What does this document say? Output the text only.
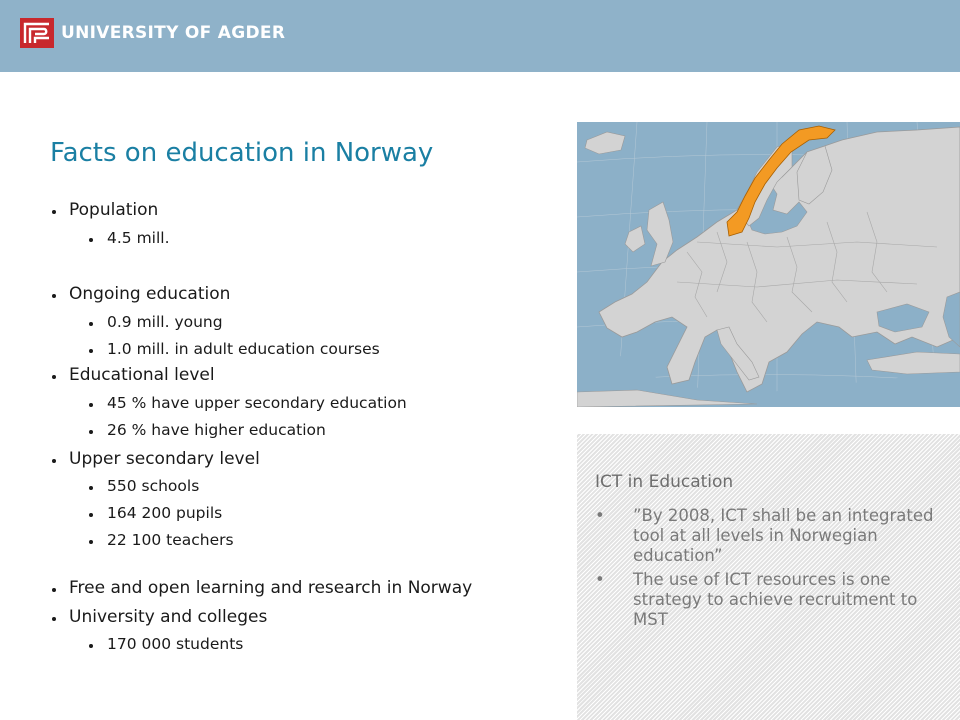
UNIVERSITY OF AGDER
Facts on education in Norway
Population
4.5 mill.
Ongoing education
0.9 mill. young
1.0 mill. in adult education courses
Educational level
45 % have upper secondary education
26 % have higher education
Upper secondary level
550 schools
164 200 pupils
22 100 teachers
Free and open learning and research in Norway
University and colleges
170 000 students
ICT in Education
• ”By 2008, ICT shall be an integrated tool at all levels in Norwegian education”
• The use of ICT resources is one strategy to achieve recruitment to MST
